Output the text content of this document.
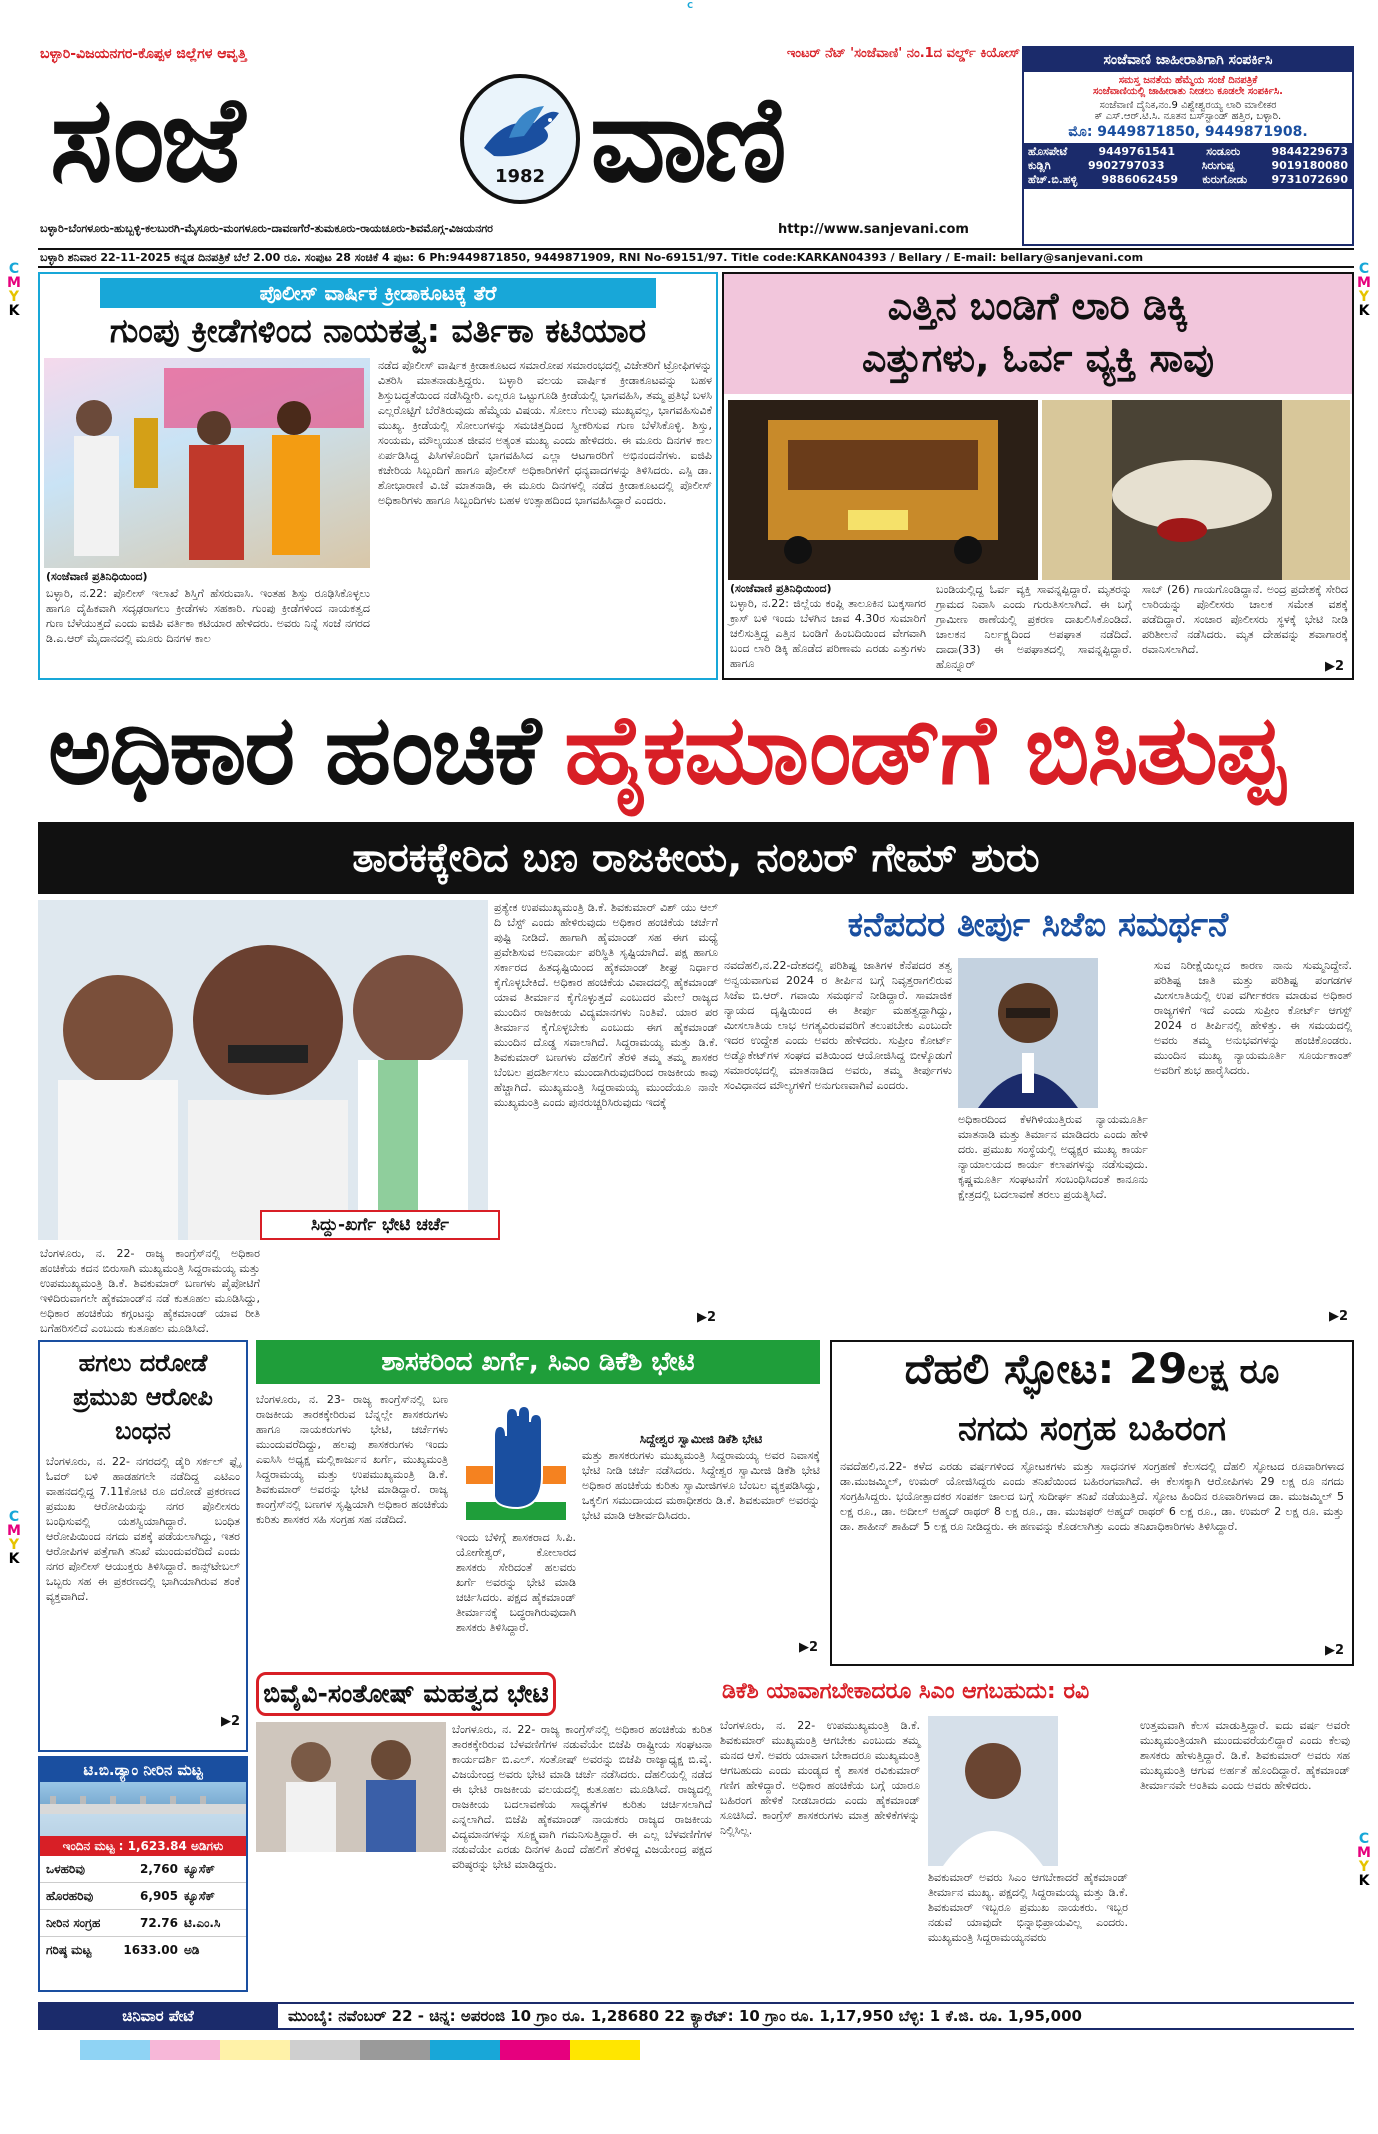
C
C
M
Y
K
C
M
Y
K
C
M
Y
K
C
M
Y
K
ಬಳ್ಳಾರಿ-ವಿಜಯನಗರ-ಕೊಪ್ಪಳ ಜಿಲ್ಲೆಗಳ ಆವೃತ್ತಿ	ಇಂಟರ್ ನೆಟ್ 'ಸಂಜೆವಾಣಿ' ನಂ.1ದ ವರ್ಲ್ಡ್ ಕಿಯೋಸ್
ಸಂಜೆ	1982 ವಾಣಿ
ಬಳ್ಳಾರಿ-ಬೆಂಗಳೂರು-ಹುಬ್ಬಳ್ಳಿ-ಕಲಬುರಗಿ-ಮೈಸೂರು-ಮಂಗಳೂರು-ದಾವಣಗೆರೆ-ತುಮಕೂರು-ರಾಯಚೂರು-ಶಿವಮೊಗ್ಗ-ವಿಜಯನಗರ	http://www.sanjevani.com
ಸಂಜೆವಾಣಿ ಜಾಹೀರಾತಿಗಾಗಿ ಸಂಪರ್ಕಿಸಿ
ಸಮಸ್ತ ಜನತೆಯ ಹೆಮ್ಮೆಯ ಸಂಜೆ ದಿನಪತ್ರಿಕೆ
ಸಂಜೆವಾಣಿಯಲ್ಲಿ ಜಾಹೀರಾತು ನೀಡಲು ಕೂಡಲೇ ಸಂಪರ್ಕಿಸಿ.
ಸಂಜೆವಾಣಿ ದೈನಿಕ,ನಂ.9 ವಿಶ್ವೇಶ್ವರಯ್ಯ ಲಾರಿ ಮಾಲೀಕರ
ಕ್ ಎಸ್.ಆರ್.ಟಿ.ಸಿ. ನೂತನ ಬಸ್‌ಸ್ಟಾಂಡ್ ಹತ್ತಿರ, ಬಳ್ಳಾರಿ.
ಮೊ: 9449871850, 9449871908.
ಹೊಸಪೇಟೆ	9449761541	ಸಂಡೂರು	9844229673
ಕುಡ್ಲಿಗಿ	9902797033	ಸಿರುಗುಪ್ಪ	9019180080
ಹೆಚ್.ಬಿ.ಹಳ್ಳಿ 9886062459 ಕುರುಗೋಡು 9731072690
ಬಳ್ಳಾರಿ ಶನಿವಾರ 22-11-2025 ಕನ್ನಡ ದಿನಪತ್ರಿಕೆ ಬೆಲೆ 2.00 ರೂ. ಸಂಪುಟ 28 ಸಂಚಿಕೆ 4 ಪುಟ: 6 Ph:9449871850, 9449871909, RNI No-69151/97. Title code:KARKAN04393 / Bellary / E-mail: bellary@sanjevani.com
ಪೊಲೀಸ್ ವಾರ್ಷಿಕ ಕ್ರೀಡಾಕೂಟಕ್ಕೆ ತೆರೆ
ಗುಂಪು ಕ್ರೀಡೆಗಳಿಂದ ನಾಯಕತ್ವ: ವರ್ತಿಕಾ ಕಟಿಯಾರ
(ಸಂಜೆವಾಣಿ ಪ್ರತಿನಿಧಿಯಿಂದ)
ಬಳ್ಳಾರಿ, ನ.22: ಪೊಲೀಸ್ ಇಲಾಖೆ ಶಿಸ್ತಿಗೆ ಹೆಸರುವಾಸಿ. ಇಂತಹ ಶಿಸ್ತು ರೂಢಿಸಿಕೊಳ್ಳಲು ಹಾಗೂ ದೈಹಿಕವಾಗಿ ಸದೃಢರಾಗಲು ಕ್ರೀಡೆಗಳು ಸಹಕಾರಿ. ಗುಂಪು ಕ್ರೀಡೆಗಳಿಂದ ನಾಯಕತ್ವದ ಗುಣ ಬೆಳೆಯುತ್ತದೆ ಎಂದು ಐಜಿಪಿ ವರ್ತಿಕಾ ಕಟಿಯಾರ ಹೇಳಿದರು. ಅವರು ನಿನ್ನೆ ಸಂಜೆ ನಗರದ ಡಿ.ಎ.ಆರ್ ಮೈದಾನದಲ್ಲಿ ಮೂರು ದಿನಗಳ ಕಾಲ
ನಡೆದ ಪೊಲೀಸ್ ವಾರ್ಷಿಕ ಕ್ರೀಡಾಕೂಟದ ಸಮಾರೋಪ ಸಮಾರಂಭದಲ್ಲಿ ವಿಜೇತರಿಗೆ ಟ್ರೋಫಿಗಳನ್ನು ವಿತರಿಸಿ ಮಾತನಾಡುತ್ತಿದ್ದರು. ಬಳ್ಳಾರಿ ವಲಯ ವಾರ್ಷಿಕ ಕ್ರೀಡಾಕೂಟವನ್ನು ಬಹಳ ಶಿಸ್ತುಬದ್ಧತೆಯಿಂದ ನಡೆಸಿದ್ದೀರಿ. ಎಲ್ಲರೂ ಒಟ್ಟುಗೂಡಿ ಕ್ರೀಡೆಯಲ್ಲಿ ಭಾಗವಹಿಸಿ, ತಮ್ಮ ಪ್ರತಿಭೆ ಬಳಸಿ ಎಲ್ಲರೊಟ್ಟಿಗೆ ಬೆರೆತಿರುವುದು ಹೆಮ್ಮೆಯ ವಿಷಯ. ಸೋಲು ಗೆಲುವು ಮುಖ್ಯವಲ್ಲ, ಭಾಗವಹಿಸುವಿಕೆ ಮುಖ್ಯ. ಕ್ರೀಡೆಯಲ್ಲಿ ಸೋಲುಗಳನ್ನು ಸಮಚಿತ್ತದಿಂದ ಸ್ವೀಕರಿಸುವ ಗುಣ ಬೆಳೆಸಿಕೊಳ್ಳಿ. ಶಿಸ್ತು, ಸಂಯಮ, ಮೌಲ್ಯಯುತ ಜೀವನ ಅತ್ಯಂತ ಮುಖ್ಯ ಎಂದು ಹೇಳಿದರು. ಈ ಮೂರು ದಿನಗಳ ಕಾಲ ಏರ್ಪಡಿಸಿದ್ದ ಪಿಸಿಗಳೊಂದಿಗೆ ಭಾಗವಹಿಸಿದ ಎಲ್ಲಾ ಆಟಗಾರರಿಗೆ ಅಭಿನಂದನೆಗಳು. ಐಜಿಪಿ ಕಚೇರಿಯ ಸಿಬ್ಬಂದಿಗೆ ಹಾಗೂ ಪೊಲೀಸ್ ಅಧಿಕಾರಿಗಳಿಗೆ ಧನ್ಯವಾದಗಳನ್ನು ತಿಳಿಸಿದರು. ಎಸ್ಪಿ ಡಾ. ಶೋಭಾರಾಣಿ ವಿ.ಜೆ ಮಾತನಾಡಿ, ಈ ಮೂರು ದಿನಗಳಲ್ಲಿ ನಡೆದ ಕ್ರೀಡಾಕೂಟದಲ್ಲಿ ಪೊಲೀಸ್ ಅಧಿಕಾರಿಗಳು ಹಾಗೂ ಸಿಬ್ಬಂದಿಗಳು ಬಹಳ ಉತ್ಸಾಹದಿಂದ ಭಾಗವಹಿಸಿದ್ದಾರೆ ಎಂದರು.
ಎತ್ತಿನ ಬಂಡಿಗೆ ಲಾರಿ ಡಿಕ್ಕಿ
ಎತ್ತುಗಳು, ಓರ್ವ ವ್ಯಕ್ತಿ ಸಾವು
(ಸಂಜೆವಾಣಿ ಪ್ರತಿನಿಧಿಯಿಂದ)
ಬಳ್ಳಾರಿ, ನ.22: ಜಿಲ್ಲೆಯ ಕಂಪ್ಲಿ ತಾಲೂಕಿನ ಬುಕ್ಕಸಾಗರ ಕ್ರಾಸ್ ಬಳಿ ಇಂದು ಬೆಳಗಿನ ಜಾವ 4.30ರ ಸುಮಾರಿಗೆ ಚಲಿಸುತ್ತಿದ್ದ ಎತ್ತಿನ ಬಂಡಿಗೆ ಹಿಂಬದಿಯಿಂದ ವೇಗವಾಗಿ ಬಂದ ಲಾರಿ ಡಿಕ್ಕಿ ಹೊಡೆದ ಪರಿಣಾಮ ಎರಡು ಎತ್ತುಗಳು ಹಾಗೂ
ಬಂಡಿಯಲ್ಲಿದ್ದ ಓರ್ವ ವ್ಯಕ್ತಿ ಸಾವನ್ನಪ್ಪಿದ್ದಾರೆ. ಮೃತರನ್ನು ಗ್ರಾಮದ ನಿವಾಸಿ ಎಂದು ಗುರುತಿಸಲಾಗಿದೆ. ಈ ಬಗ್ಗೆ ಗ್ರಾಮೀಣ ಠಾಣೆಯಲ್ಲಿ ಪ್ರಕರಣ ದಾಖಲಿಸಿಕೊಂಡಿದೆ. ಚಾಲಕನ ನಿರ್ಲಕ್ಷ್ಯದಿಂದ ಅಪಘಾತ ನಡೆದಿದೆ. ದಾದಾ(33) ಈ ಅಪಘಾತದಲ್ಲಿ ಸಾವನ್ನಪ್ಪಿದ್ದಾರೆ. ಹೊನ್ನೂರ್
ಸಾಬ್ (26) ಗಾಯಗೊಂಡಿದ್ದಾನೆ. ಅಂದ್ರ ಪ್ರದೇಶಕ್ಕೆ ಸೇರಿದ ಲಾರಿಯನ್ನು ಪೊಲೀಸರು ಚಾಲಕ ಸಮೇತ ವಶಕ್ಕೆ ಪಡೆದಿದ್ದಾರೆ. ಸಂಚಾರ ಪೊಲೀಸರು ಸ್ಥಳಕ್ಕೆ ಭೇಟಿ ನೀಡಿ ಪರಿಶೀಲನೆ ನಡೆಸಿದರು. ಮೃತ ದೇಹವನ್ನು ಶವಾಗಾರಕ್ಕೆ ರವಾನಿಸಲಾಗಿದೆ.
▶2
ಅಧಿಕಾರ ಹಂಚಿಕೆ ಹೈಕಮಾಂಡ್‌ಗೆ ಬಿಸಿತುಪ್ಪ
ತಾರಕಕ್ಕೇರಿದ ಬಣ ರಾಜಕೀಯ, ನಂಬರ್ ಗೇಮ್ ಶುರು
ಸಿದ್ದು-ಖರ್ಗೆ ಭೇಟಿ ಚರ್ಚೆ
ಬೆಂಗಳೂರು, ನ. 22- ರಾಜ್ಯ ಕಾಂಗ್ರೆಸ್‌ನಲ್ಲಿ ಅಧಿಕಾರ ಹಂಚಿಕೆಯ ಕದನ ಬಿರುಸಾಗಿ ಮುಖ್ಯಮಂತ್ರಿ ಸಿದ್ದರಾಮಯ್ಯ ಮತ್ತು ಉಪಮುಖ್ಯಮಂತ್ರಿ ಡಿ.ಕೆ. ಶಿವಕುಮಾರ್ ಬಣಗಳು ಪೈಪೋಟಿಗೆ ಇಳಿದಿರುವಾಗಲೇ ಹೈಕಮಾಂಡ್‌ನ ನಡೆ ಕುತೂಹಲ ಮೂಡಿಸಿದ್ದು, ಅಧಿಕಾರ ಹಂಚಿಕೆಯ ಕಗ್ಗಂಟನ್ನು ಹೈಕಮಾಂಡ್ ಯಾವ ರೀತಿ ಬಗೆಹರಿಸಲಿದೆ ಎಂಬುದು ಕುತೂಹಲ ಮೂಡಿಸಿದೆ.
ಪ್ರತ್ಯೇಕ ಉಪಮುಖ್ಯಮಂತ್ರಿ ಡಿ.ಕೆ. ಶಿವಕುಮಾರ್ ವಿಶ್ ಯು ಆಲ್ ದಿ ಬೆಸ್ಟ್ ಎಂದು ಹೇಳಿರುವುದು ಅಧಿಕಾರ ಹಂಚಿಕೆಯ ಚರ್ಚೆಗೆ ಪುಷ್ಟಿ ನೀಡಿದೆ. ಹಾಗಾಗಿ ಹೈಮಾಂಡ್ ಸಹ ಈಗ ಮಧ್ಯೆ ಪ್ರವೇಶಿಸುವ ಅನಿವಾರ್ಯ ಪರಿಸ್ಥಿತಿ ಸೃಷ್ಟಿಯಾಗಿದೆ. ಪಕ್ಷ ಹಾಗೂ ಸರ್ಕಾರದ ಹಿತದೃಷ್ಟಿಯಿಂದ ಹೈಕಮಾಂಡ್ ಶೀಘ್ರ ನಿರ್ಧಾರ ಕೈಗೊಳ್ಳಬೇಕಿದೆ. ಅಧಿಕಾರ ಹಂಚಿಕೆಯ ವಿವಾದದಲ್ಲಿ ಹೈಕಮಾಂಡ್ ಯಾವ ತೀರ್ಮಾನ ಕೈಗೊಳ್ಳುತ್ತದೆ ಎಂಬುದರ ಮೇಲೆ ರಾಜ್ಯದ ಮುಂದಿನ ರಾಜಕೀಯ ವಿದ್ಯಮಾನಗಳು ನಿಂತಿವೆ. ಯಾರ ಪರ ತೀರ್ಮಾನ ಕೈಗೊಳ್ಳಬೇಕು ಎಂಬುದು ಈಗ ಹೈಕಮಾಂಡ್ ಮುಂದಿನ ದೊಡ್ಡ ಸವಾಲಾಗಿದೆ. ಸಿದ್ದರಾಮಯ್ಯ ಮತ್ತು ಡಿ.ಕೆ. ಶಿವಕುಮಾರ್ ಬಣಗಳು ದೆಹಲಿಗೆ ತೆರಳಿ ತಮ್ಮ ತಮ್ಮ ಶಾಸಕರ ಬೆಂಬಲ ಪ್ರದರ್ಶಿಸಲು ಮುಂದಾಗಿರುವುದರಿಂದ ರಾಜಕೀಯ ಕಾವು ಹೆಚ್ಚಾಗಿದೆ. ಮುಖ್ಯಮಂತ್ರಿ ಸಿದ್ದರಾಮಯ್ಯ ಮುಂದೆಯೂ ನಾನೇ ಮುಖ್ಯಮಂತ್ರಿ ಎಂದು ಪುನರುಚ್ಚರಿಸಿರುವುದು ಇದಕ್ಕೆ
▶2
ಕನೆಪದರ ತೀರ್ಪು ಸಿಜೆಐ ಸಮರ್ಥನೆ
ನವದೆಹಲಿ,ನ.22-ದೇಶದಲ್ಲಿ ಪರಿಶಿಷ್ಟ ಜಾತಿಗಳ ಕೆನೆಪದರ ತತ್ವ ಅನ್ವಯವಾಗುವ 2024 ರ ತೀರ್ಪಿನ ಬಗ್ಗೆ ನಿವೃತ್ತರಾಗಲಿರುವ ಸಿಜೆಐ ಬಿ.ಆರ್. ಗವಾಯಿ ಸಮರ್ಥನೆ ನೀಡಿದ್ದಾರೆ. ಸಾಮಾಜಿಕ ನ್ಯಾಯದ ದೃಷ್ಟಿಯಿಂದ ಈ ತೀರ್ಪು ಮಹತ್ವದ್ದಾಗಿದ್ದು, ಮೀಸಲಾತಿಯ ಲಾಭ ಅಗತ್ಯವಿರುವವರಿಗೆ ತಲುಪಬೇಕು ಎಂಬುದೇ ಇದರ ಉದ್ದೇಶ ಎಂದು ಅವರು ಹೇಳಿದರು. ಸುಪ್ರೀಂ ಕೋರ್ಟ್ ಅಡ್ವೊಕೇಟ್‌ಗಳ ಸಂಘದ ವತಿಯಿಂದ ಆಯೋಜಿಸಿದ್ದ ಬೀಳ್ಕೊಡುಗೆ ಸಮಾರಂಭದಲ್ಲಿ ಮಾತನಾಡಿದ ಅವರು, ತಮ್ಮ ತೀರ್ಪುಗಳು ಸಂವಿಧಾನದ ಮೌಲ್ಯಗಳಿಗೆ ಅನುಗುಣವಾಗಿವೆ ಎಂದರು.
ಅಧಿಕಾರದಿಂದ ಕೆಳಗಿಳಿಯುತ್ತಿರುವ ನ್ಯಾಯಮೂರ್ತಿ ಮಾತನಾಡಿ ಮತ್ತು ತಿರ್ಮಾನ ಮಾಡಿದರು ಎಂದು ಹೇಳಿ ದರು. ಪ್ರಮುಖ ಸಂಸ್ಥೆಯಲ್ಲಿ ಅಧ್ಯಕ್ಷರ ಮುಖ್ಯ ಕಾರ್ಯ ನ್ಯಾಯಾಲಯದ ಕಾರ್ಯ ಕಲಾಪಗಳನ್ನು ನಡೆಸುವುದು. ಕೃಷ್ಣಮೂರ್ತಿ ಸಂಘಟನೆಗೆ ಸಂಬಂಧಿಸಿದಂತೆ ಕಾನೂನು ಕ್ಷೇತ್ರದಲ್ಲಿ ಬದಲಾವಣೆ ತರಲು ಪ್ರಯತ್ನಿಸಿದೆ.
ಸುವ ನಿರೀಕ್ಷೆಯಿಲ್ಲದ ಕಾರಣ ನಾನು ಸುಮ್ಮನಿದ್ದೇನೆ. ಪರಿಶಿಷ್ಟ ಜಾತಿ ಮತ್ತು ಪರಿಶಿಷ್ಟ ಪಂಗಡಗಳ ಮೀಸಲಾತಿಯಲ್ಲಿ ಉಪ ವರ್ಗೀಕರಣ ಮಾಡುವ ಅಧಿಕಾರ ರಾಜ್ಯಗಳಿಗೆ ಇದೆ ಎಂದು ಸುಪ್ರೀಂ ಕೋರ್ಟ್ ಆಗಸ್ಟ್ 2024 ರ ತೀರ್ಪಿನಲ್ಲಿ ಹೇಳಿತ್ತು. ಈ ಸಮಯದಲ್ಲಿ ಅವರು ತಮ್ಮ ಅನುಭವಗಳನ್ನು ಹಂಚಿಕೊಂಡರು. ಮುಂದಿನ ಮುಖ್ಯ ನ್ಯಾಯಮೂರ್ತಿ ಸೂರ್ಯಕಾಂತ್ ಅವರಿಗೆ ಶುಭ ಹಾರೈಸಿದರು.
▶2
ಹಗಲು ದರೋಡೆ ಪ್ರಮುಖ ಆರೋಪಿ ಬಂಧನ
ಬೆಂಗಳೂರು, ನ. 22- ನಗರದಲ್ಲಿ ಡೈರಿ ಸರ್ಕಲ್ ಫ್ಲೈ ಓವರ್ ಬಳಿ ಹಾಡಹಗಲೇ ನಡೆದಿದ್ದ ಎಟಿಎಂ ವಾಹನದಲ್ಲಿದ್ದ 7.11ಕೋಟಿ ರೂ ದರೋಡೆ ಪ್ರಕರಣದ ಪ್ರಮುಖ ಆರೋಪಿಯನ್ನು ನಗರ ಪೊಲೀಸರು ಬಂಧಿಸುವಲ್ಲಿ ಯಶಸ್ವಿಯಾಗಿದ್ದಾರೆ. ಬಂಧಿತ ಆರೋಪಿಯಿಂದ ನಗದು ವಶಕ್ಕೆ ಪಡೆಯಲಾಗಿದ್ದು, ಇತರ ಆರೋಪಿಗಳ ಪತ್ತೆಗಾಗಿ ತನಿಖೆ ಮುಂದುವರೆದಿದೆ ಎಂದು ನಗರ ಪೊಲೀಸ್ ಆಯುಕ್ತರು ತಿಳಿಸಿದ್ದಾರೆ. ಕಾನ್ಸ್‌ಟೇಬಲ್ ಒಬ್ಬರು ಸಹ ಈ ಪ್ರಕರಣದಲ್ಲಿ ಭಾಗಿಯಾಗಿರುವ ಶಂಕೆ ವ್ಯಕ್ತವಾಗಿದೆ.
▶2
ಟಿ.ಬಿ.ಡ್ಯಾಂ ನೀರಿನ ಮಟ್ಟ
ಇಂದಿನ ಮಟ್ಟ : 1,623.84 ಅಡಿಗಳು
ಒಳಹರಿವು	2,760 ಕ್ಯೂಸೆಕ್
ಹೊರಹರಿವು	6,905 ಕ್ಯೂಸೆಕ್
ನೀರಿನ ಸಂಗ್ರಹ	72.76 ಟಿ.ಎಂ.ಸಿ
ಗರಿಷ್ಠ ಮಟ್ಟ	1633.00 ಅಡಿ
ಶಾಸಕರಿಂದ ಖರ್ಗೆ, ಸಿಎಂ ಡಿಕೆಶಿ ಭೇಟಿ
ಬೆಂಗಳೂರು, ನ. 23- ರಾಜ್ಯ ಕಾಂಗ್ರೆಸ್‌ನಲ್ಲಿ ಬಣ ರಾಜಕೀಯ ತಾರಕಕ್ಕೇರಿರುವ ಬೆನ್ನಲ್ಲೇ ಶಾಸಕರುಗಳು ಹಾಗೂ ನಾಯಕರುಗಳು ಭೇಟಿ, ಚರ್ಚೆಗಳು ಮುಂದುವರೆದಿದ್ದು, ಹಲವು ಶಾಸಕರುಗಳು ಇಂದು ಎಐಸಿಸಿ ಅಧ್ಯಕ್ಷ ಮಲ್ಲಿಕಾರ್ಜುನ ಖರ್ಗೆ, ಮುಖ್ಯಮಂತ್ರಿ ಸಿದ್ದರಾಮಯ್ಯ ಮತ್ತು ಉಪಮುಖ್ಯಮಂತ್ರಿ ಡಿ.ಕೆ. ಶಿವಕುಮಾರ್ ಅವರನ್ನು ಭೇಟಿ ಮಾಡಿದ್ದಾರೆ. ರಾಜ್ಯ ಕಾಂಗ್ರೆಸ್‌ನಲ್ಲಿ ಬಣಗಳ ಸೃಷ್ಟಿಯಾಗಿ ಅಧಿಕಾರ ಹಂಚಿಕೆಯ ಕುರಿತು ಶಾಸಕರ ಸಹಿ ಸಂಗ್ರಹ ಸಹ ನಡೆದಿದೆ.
ಇಂದು ಬೆಳಿಗ್ಗೆ ಶಾಸಕರಾದ ಸಿ.ಪಿ. ಯೋಗೇಶ್ವರ್, ಕೋಲಾರದ ಶಾಸಕರು ಸೇರಿದಂತೆ ಹಲವರು ಖರ್ಗೆ ಅವರನ್ನು ಭೇಟಿ ಮಾಡಿ ಚರ್ಚಿಸಿದರು. ಪಕ್ಷದ ಹೈಕಮಾಂಡ್ ತೀರ್ಮಾನಕ್ಕೆ ಬದ್ಧರಾಗಿರುವುದಾಗಿ ಶಾಸಕರು ತಿಳಿಸಿದ್ದಾರೆ.
ಸಿದ್ದೇಶ್ವರ ಸ್ವಾಮೀಜಿ ಡಿಕೆಶಿ ಭೇಟಿ
ಮತ್ತು ಶಾಸಕರುಗಳು ಮುಖ್ಯಮಂತ್ರಿ ಸಿದ್ದರಾಮಯ್ಯ ಅವರ ನಿವಾಸಕ್ಕೆ ಭೇಟಿ ನೀಡಿ ಚರ್ಚೆ ನಡೆಸಿದರು. ಸಿದ್ದೇಶ್ವರ ಸ್ವಾಮೀಜಿ ಡಿಕೆಶಿ ಭೇಟಿ ಅಧಿಕಾರ ಹಂಚಿಕೆಯ ಕುರಿತು ಸ್ವಾಮೀಜಿಗಳೂ ಬೆಂಬಲ ವ್ಯಕ್ತಪಡಿಸಿದ್ದು, ಒಕ್ಕಲಿಗ ಸಮುದಾಯದ ಮಠಾಧೀಶರು ಡಿ.ಕೆ. ಶಿವಕುಮಾರ್ ಅವರನ್ನು ಭೇಟಿ ಮಾಡಿ ಆಶೀರ್ವದಿಸಿದರು.
▶2
ದೆಹಲಿ ಸ್ಫೋಟ: 29ಲಕ್ಷ ರೂ
ನಗದು ಸಂಗ್ರಹ ಬಹಿರಂಗ
ನವದೆಹಲಿ,ನ.22- ಕಳೆದ ಎರಡು ವರ್ಷಗಳಿಂದ ಸ್ಫೋಟಕಗಳು ಮತ್ತು ಸಾಧನಗಳ ಸಂಗ್ರಹಣೆ ಕೆಲಸದಲ್ಲಿ ದೆಹಲಿ ಸ್ಫೋಟದ ರೂವಾರಿಗಳಾದ ಡಾ.ಮುಜಮ್ಮಿಲ್, ಉಮರ್ ಯೋಜಿಸಿದ್ದರು ಎಂದು ತನಿಖೆಯಿಂದ ಬಹಿರಂಗವಾಗಿದೆ. ಈ ಕೆಲಸಕ್ಕಾಗಿ ಆರೋಪಿಗಳು 29 ಲಕ್ಷ ರೂ ನಗದು ಸಂಗ್ರಹಿಸಿದ್ದರು. ಭಯೋತ್ಪಾದಕರ ಸಂಪರ್ಕ ಜಾಲದ ಬಗ್ಗೆ ಸುದೀರ್ಘ ತನಿಖೆ ನಡೆಯುತ್ತಿದೆ. ಸ್ಫೋಟ ಹಿಂದಿನ ರೂವಾರಿಗಳಾದ ಡಾ. ಮುಜಮ್ಮಿಲ್ 5 ಲಕ್ಷ ರೂ., ಡಾ. ಅದೀಲ್ ಅಹ್ಮದ್ ರಾಥರ್ 8 ಲಕ್ಷ ರೂ., ಡಾ. ಮುಜಫರ್ ಅಹ್ಮದ್ ರಾಥರ್ 6 ಲಕ್ಷ ರೂ., ಡಾ. ಉಮರ್ 2 ಲಕ್ಷ ರೂ. ಮತ್ತು ಡಾ. ಶಾಹೀನ್ ಶಾಹಿದ್ 5 ಲಕ್ಷ ರೂ ನೀಡಿದ್ದರು. ಈ ಹಣವನ್ನು ಕೊಡಲಾಗಿತ್ತು ಎಂದು ತನಿಖಾಧಿಕಾರಿಗಳು ತಿಳಿಸಿದ್ದಾರೆ.
▶2
ಬಿವೈವಿ-ಸಂತೋಷ್ ಮಹತ್ವದ ಭೇಟಿ
ಬೆಂಗಳೂರು, ನ. 22- ರಾಜ್ಯ ಕಾಂಗ್ರೆಸ್‌ನಲ್ಲಿ ಅಧಿಕಾರ ಹಂಚಿಕೆಯ ಕುರಿತ ತಾರಕಕ್ಕೇರಿರುವ ಬೆಳವಣಿಗೆಗಳ ನಡುವೆಯೇ ಬಿಜೆಪಿ ರಾಷ್ಟ್ರೀಯ ಸಂಘಟನಾ ಕಾರ್ಯದರ್ಶಿ ಬಿ.ಎಲ್. ಸಂತೋಷ್ ಅವರನ್ನು ಬಿಜೆಪಿ ರಾಜ್ಯಾಧ್ಯಕ್ಷ ಬಿ.ವೈ. ವಿಜಯೇಂದ್ರ ಅವರು ಭೇಟಿ ಮಾಡಿ ಚರ್ಚೆ ನಡೆಸಿದರು. ದೆಹಲಿಯಲ್ಲಿ ನಡೆದ ಈ ಭೇಟಿ ರಾಜಕೀಯ ವಲಯದಲ್ಲಿ ಕುತೂಹಲ ಮೂಡಿಸಿದೆ. ರಾಜ್ಯದಲ್ಲಿ ರಾಜಕೀಯ ಬದಲಾವಣೆಯ ಸಾಧ್ಯತೆಗಳ ಕುರಿತು ಚರ್ಚಿಸಲಾಗಿದೆ ಎನ್ನಲಾಗಿದೆ. ಬಿಜೆಪಿ ಹೈಕಮಾಂಡ್ ನಾಯಕರು ರಾಜ್ಯದ ರಾಜಕೀಯ ವಿದ್ಯಮಾನಗಳನ್ನು ಸೂಕ್ಷ್ಮವಾಗಿ ಗಮನಿಸುತ್ತಿದ್ದಾರೆ. ಈ ಎಲ್ಲ ಬೆಳವಣಿಗೆಗಳ ನಡುವೆಯೇ ಎರಡು ದಿನಗಳ ಹಿಂದೆ ದೆಹಲಿಗೆ ತೆರಳಿದ್ದ ವಿಜಯೇಂದ್ರ ಪಕ್ಷದ ವರಿಷ್ಠರನ್ನು ಭೇಟಿ ಮಾಡಿದ್ದರು.
ಡಿಕೆಶಿ ಯಾವಾಗಬೇಕಾದರೂ ಸಿಎಂ ಆಗಬಹುದು: ರವಿ
ಬೆಂಗಳೂರು, ನ. 22- ಉಪಮುಖ್ಯಮಂತ್ರಿ ಡಿ.ಕೆ. ಶಿವಕುಮಾರ್ ಮುಖ್ಯಮಂತ್ರಿ ಆಗಬೇಕು ಎಂಬುದು ತಮ್ಮ ಮನದ ಆಸೆ. ಅವರು ಯಾವಾಗ ಬೇಕಾದರೂ ಮುಖ್ಯಮಂತ್ರಿ ಆಗಬಹುದು ಎಂದು ಮಂಡ್ಯದ ಕೈ ಶಾಸಕ ರವಿಕುಮಾರ್ ಗಣಿಗ ಹೇಳಿದ್ದಾರೆ. ಅಧಿಕಾರ ಹಂಚಿಕೆಯ ಬಗ್ಗೆ ಯಾರೂ ಬಹಿರಂಗ ಹೇಳಿಕೆ ನೀಡಬಾರದು ಎಂದು ಹೈಕಮಾಂಡ್ ಸೂಚಿಸಿದೆ. ಕಾಂಗ್ರೆಸ್ ಶಾಸಕರುಗಳು ಮಾತ್ರ ಹೇಳಿಕೆಗಳನ್ನು ನಿಲ್ಲಿಸಿಲ್ಲ.
ಶಿವಕುಮಾರ್ ಅವರು ಸಿಎಂ ಆಗಬೇಕಾದರೆ ಹೈಕಮಾಂಡ್ ತೀರ್ಮಾನ ಮುಖ್ಯ. ಪಕ್ಷದಲ್ಲಿ ಸಿದ್ದರಾಮಯ್ಯ ಮತ್ತು ಡಿ.ಕೆ. ಶಿವಕುಮಾರ್ ಇಬ್ಬರೂ ಪ್ರಮುಖ ನಾಯಕರು. ಇಬ್ಬರ ನಡುವೆ ಯಾವುದೇ ಭಿನ್ನಾಭಿಪ್ರಾಯವಿಲ್ಲ ಎಂದರು. ಮುಖ್ಯಮಂತ್ರಿ ಸಿದ್ದರಾಮಯ್ಯನವರು
ಉತ್ತಮವಾಗಿ ಕೆಲಸ ಮಾಡುತ್ತಿದ್ದಾರೆ. ಐದು ವರ್ಷ ಅವರೇ ಮುಖ್ಯಮಂತ್ರಿಯಾಗಿ ಮುಂದುವರೆಯಲಿದ್ದಾರೆ ಎಂದು ಕೆಲವು ಶಾಸಕರು ಹೇಳುತ್ತಿದ್ದಾರೆ. ಡಿ.ಕೆ. ಶಿವಕುಮಾರ್ ಅವರು ಸಹ ಮುಖ್ಯಮಂತ್ರಿ ಆಗುವ ಅರ್ಹತೆ ಹೊಂದಿದ್ದಾರೆ. ಹೈಕಮಾಂಡ್ ತೀರ್ಮಾನವೇ ಅಂತಿಮ ಎಂದು ಅವರು ಹೇಳಿದರು.
ಚಿನಿವಾರ ಪೇಟೆ	ಮುಂಬೈ: ನವೆಂಬರ್ 22 - ಚಿನ್ನ: ಅಪರಂಜಿ 10 ಗ್ರಾಂ ರೂ. 1,28680 22 ಕ್ಯಾರೆಟ್: 10 ಗ್ರಾಂ ರೂ. 1,17,950 ಬೆಳ್ಳಿ: 1 ಕೆ.ಜಿ. ರೂ. 1,95,000
